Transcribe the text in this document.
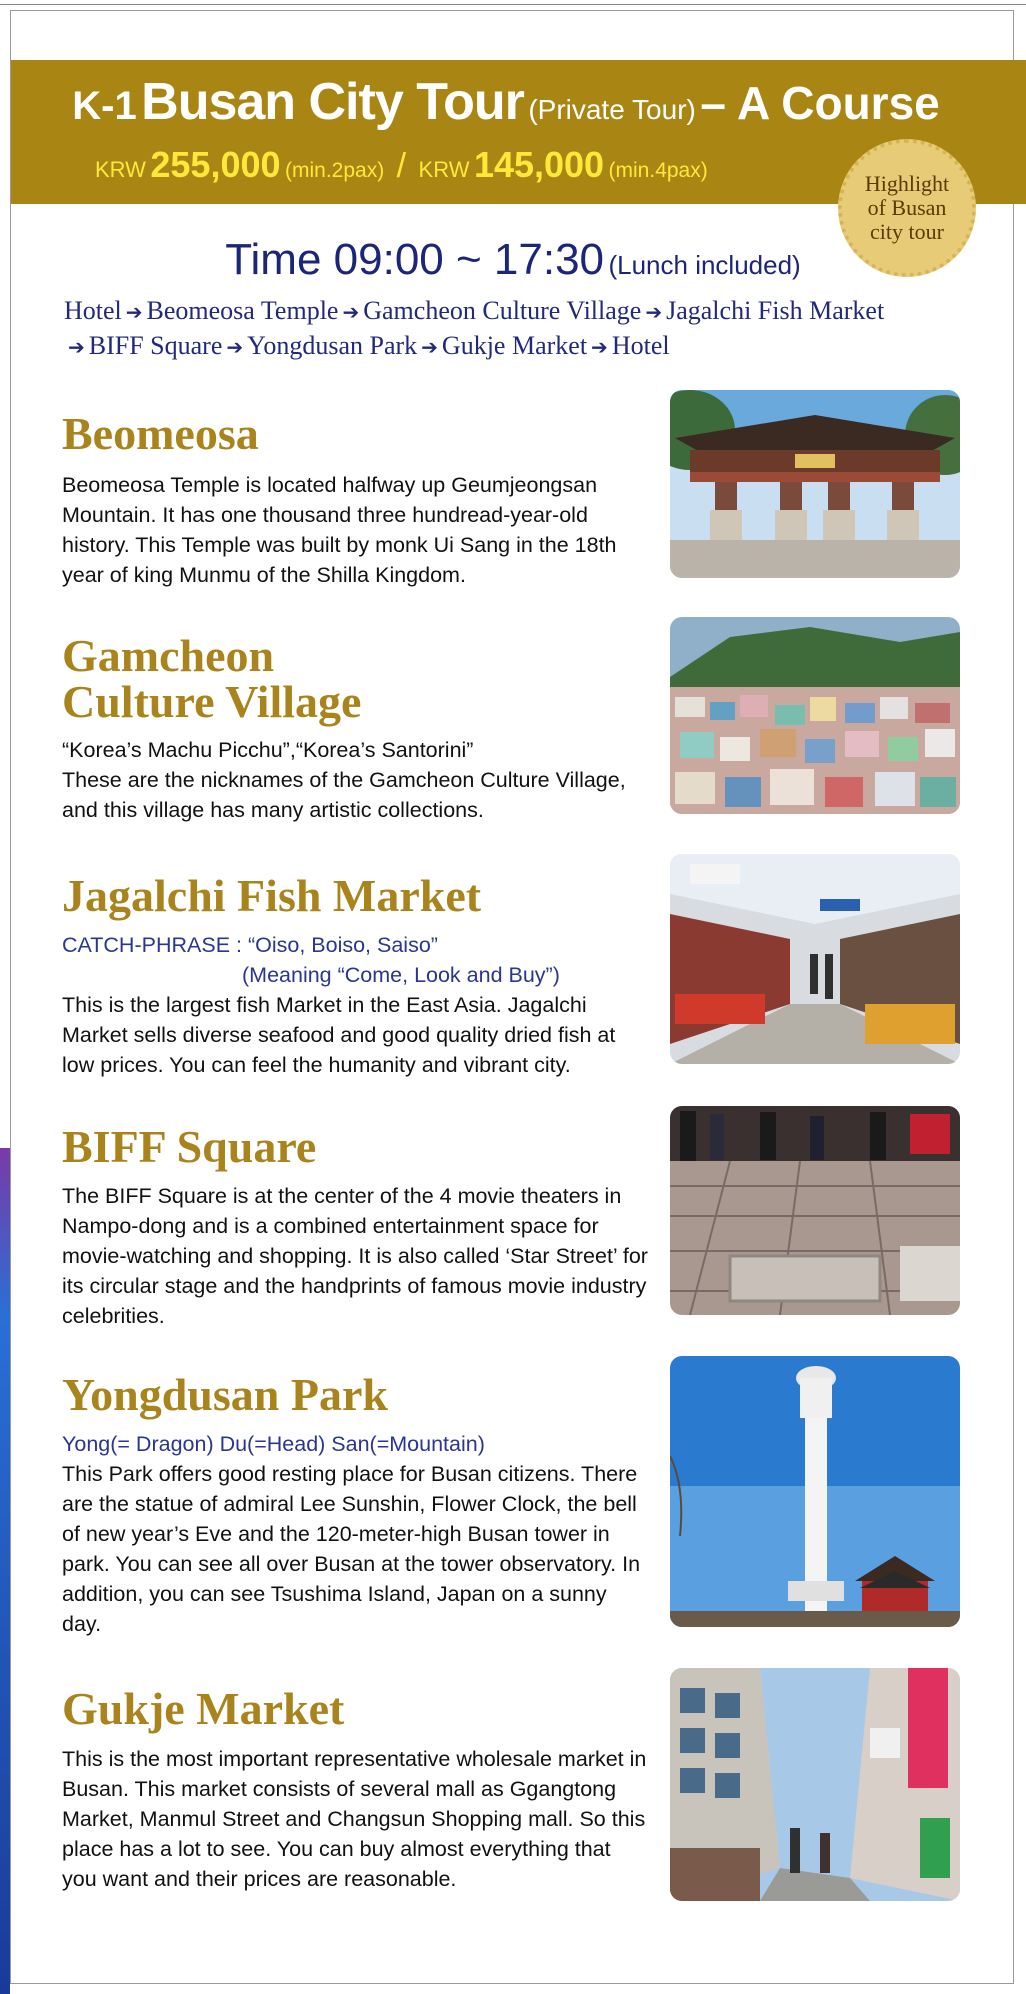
K-1 Busan City Tour (Private Tour) – A Course
KRW 255,000 (min.2pax) / KRW 145,000 (min.4pax)
Highlight
of Busan
city tour
Time 09:00 ~ 17:30 (Lunch included)
Hotel ➔ Beomeosa Temple ➔ Gamcheon Culture Village ➔ Jagalchi Fish Market
➔ BIFF Square ➔ Yongdusan Park ➔ Gukje Market ➔ Hotel
Beomeosa
Beomeosa Temple is located halfway up Geumjeongsan Mountain. It has one thousand three hundread-year-old history. This Temple was built by monk Ui Sang in the 18th year of king Munmu of the Shilla Kingdom.
Gamcheon Culture Village
“Korea’s Machu Picchu”,“Korea’s Santorini”
These are the nicknames of the Gamcheon Culture Village, and this village has many artistic collections.
Jagalchi Fish Market
CATCH-PHRASE : “Oiso, Boiso, Saiso”
(Meaning “Come, Look and Buy”)
This is the largest fish Market in the East Asia. Jagalchi Market sells diverse seafood and good quality dried fish at low prices. You can feel the humanity and vibrant city.
BIFF Square
The BIFF Square is at the center of the 4 movie theaters in Nampo-dong and is a combined entertainment space for movie-watching and shopping. It is also called ‘Star Street’ for its circular stage and the handprints of famous movie industry celebrities.
Yongdusan Park
Yong(= Dragon) Du(=Head) San(=Mountain)
This Park offers good resting place for Busan citizens. There are the statue of admiral Lee Sunshin, Flower Clock, the bell of new year’s Eve and the 120-meter-high Busan tower in park. You can see all over Busan at the tower observatory. In addition, you can see Tsushima Island, Japan on a sunny day.
Gukje Market
This is the most important representative wholesale market in Busan. This market consists of several mall as Ggangtong Market, Manmul Street and Changsun Shopping mall. So this place has a lot to see. You can buy almost everything that you want and their prices are reasonable.
